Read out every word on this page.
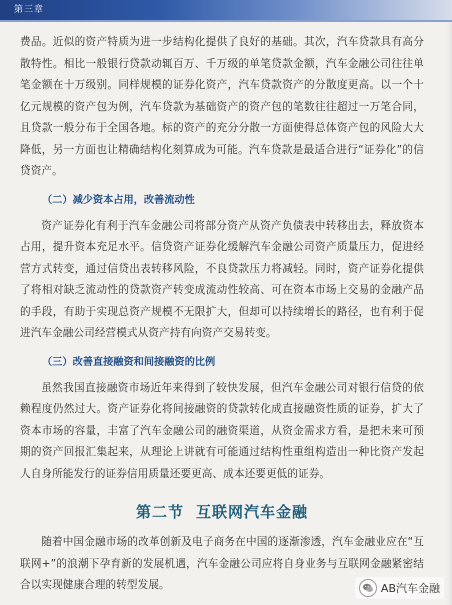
第三章

费品。近似的资产特质为进一步结构化提供了良好的基础。其次，汽车贷款具有高分散特性。相比一般银行贷款动辄百万、千万级的单笔贷款金额，汽车金融公司往往单笔金额在十万级别。同样规模的证券化资产，汽车贷款资产的分散度更高。以一个十亿元规模的资产包为例，汽车贷款为基础资产的资产包的笔数往往超过一万笔合同，且贷款一般分布于全国各地。标的资产的充分分散一方面使得总体资产包的风险大大降低，另一方面也让精确结构化刻算成为可能。汽车贷款是最适合进行“证券化”的信贷资产。

（二）减少资本占用，改善流动性

资产证券化有利于汽车金融公司将部分资产从资产负债表中转移出去，释放资本占用，提升资本充足水平。信贷资产证券化缓解汽车金融公司资产质量压力，促进经营方式转变，通过信贷出表转移风险，不良贷款压力将减轻。同时，资产证券化提供了将相对缺乏流动性的贷款资产转变成流动性较高、可在资本市场上交易的金融产品的手段，有助于实现总资产规模不无限扩大，但却可以持续增长的路径，也有利于促进汽车金融公司经营模式从资产持有向资产交易转变。

（三）改善直接融资和间接融资的比例

虽然我国直接融资市场近年来得到了较快发展，但汽车金融公司对银行信贷的依赖程度仍然过大。资产证券化将间接融资的贷款转化成直接融资性质的证券，扩大了资本市场的容量，丰富了汽车金融公司的融资渠道，从资金需求方看，是把未来可预期的资产回报汇集起来，从理论上讲就有可能通过结构性重组构造出一种比资产发起人自身所能发行的证券信用质量还要更高、成本还要更低的证券。

第二节 互联网汽车金融

随着中国金融市场的改革创新及电子商务在中国的逐渐渗透，汽车金融业应在“互联网+”的浪潮下孕育新的发展机遇，汽车金融公司应将自身业务与互联网金融紧密结合以实现健康合理的转型发展。	AB汽车金融
